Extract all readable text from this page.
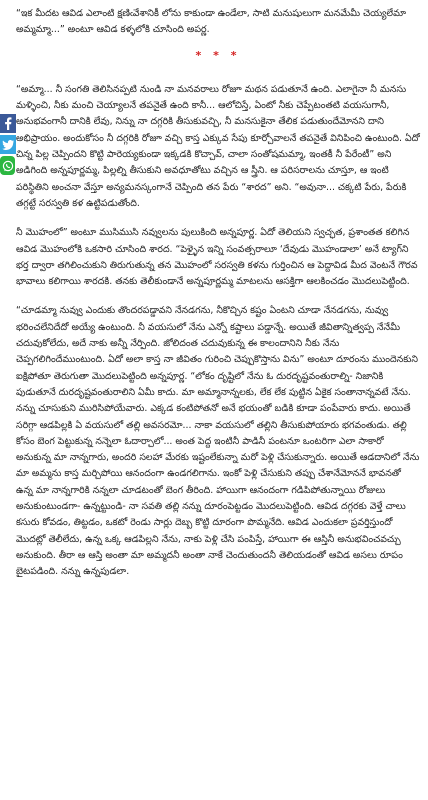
“ఇక మీదట ఆవిడ ఎలాంటి క్షణిఁవేశానికీ లోను కాకుండా ఉండేలా, సాటి మనుషులుగా మనమేమీ చెయ్యలేమా అమ్మమ్మా...” అంటూ ఆవిడ కళ్ళలోకి చూసింది అపర్ణ.

* * *

“అమ్మా... నీ సంగతి తెలిసినప్పటి నుండి నా మనవరాలు రోజూ మథన పడుతూనే ఉంది. ఎలాగైనా నీ మనసు మళ్ళించి, నీకు మంచి చెయ్యాలనే తపనైతే ఉంది కానీ... ఆలోచిస్తే, ఏంటో నీకు చెప్పేటంతటి వయసుగానీ, అనుభవంగానీ దానికి లేవు, నిన్ను నా దగ్గరికి తీసుకువచ్చి, నీ మనసుకైనా తేలిక పడుతుందేమోనని దాని అభిప్రాయం. అందుకోసం నీ దగ్గరికి రోజూ వచ్చి కాస్త ఎక్కువ సేపు కూర్చోవాలనే తపనైతే వినిపించి ఉంటుంది. ఏదో చిన్న పిల్ల చెప్పిందని కొట్టి పారెయ్యకుండా ఇక్కడకి కొచ్చావ్, చాలా సంతోషమమ్మా, ఇంతకీ నీ పేరేంటీ” అని అడిగింది అన్నపూర్ణమ్మ, పిల్లల్ని తీసుకుని అవధూతోటు వచ్చిన ఆ స్త్రీని. ఆ పరిసరాలను చూస్తూ, ఆ ఇంటి పరిస్థితిని అంచనా వేస్తూ అన్యమనస్కంగానే చెప్పింది తన పేరు “శారద” అని. “అవునా... చక్కటి పేరు, పేరుకి తగ్గట్టే సరస్వతి కళ ఉట్టిపడుతోంది.

నీ మొహంలో” అంటూ ముసిముసి నవ్వులను పులుకింది అన్నపూర్ణ. ఏదో తెలియని స్వచ్ఛత, ప్రశాంతత కలిగిన ఆవిడ మొహంలోకి ఒకసారి చూసింది శారద. “పెళ్ళైన ఇన్ని సంవత్సరాలూ ‘దేవుడు మొహండాలా’ అనే ట్యాగ్‌ని భర్త ద్వారా తగిలించుకుని తిరుగుతున్న తన మొహంలో సరస్వతి కళను గుర్తించిన ఆ పెద్దావిడ మీద వెంటనే గౌరవ భావాలు కలిగాయి శారదకి. తనకు తెలీకుండానే అన్నపూర్ణమ్మ మాటలను ఆసక్తిగా ఆలకించడం మొదలుపెట్టింది.

“చూడమ్మా నువ్వు ఎందుకు తొందరపడ్డావని నేనడగను, నీకొచ్చిన కష్టం ఏంటని చూడా నేనడగను, నువ్వు భరించలేనిదేదో అయ్యే ఉంటుంది. నీ వయసులో నేను ఎన్నో కష్టాలు పడ్డాన్నే. అయితే జీవితాన్నిత్వప్ప నేనేమీ చదువుకోలేదు, అదే నాకు అన్నీ నేర్పింది. జోలిదంత చదువుకున్న ఈ కాలందానిని నీకు నేను చెప్పగలిగిందేముంటుంది. ఏదో అలా కాస్త నా జీవితం గురించి చెప్పుకొస్తాను విను” అంటూ దూరంను ముందెనకుని ఐక్షిపోతూ తెరుగుతా మొదలుపెట్టింది అన్నపూర్ణ. “లోకం దృష్టిలో నేను ఓ దురదృష్టవంతురాల్ని- నిజానికి పుడుతూనే దురదృష్టవంతురాలిని ఏమీ కాదు. మా అమ్మానాన్నలకు, లేక లేక పుట్టిన ఏకైక సంతానాన్నవటే నేను. నన్ను చూసుకుని మురిసిపోయేవారు. ఎక్కడ కంటిపోతనో అనే భయంతో బడికి కూడా పంపేవారు కాదు. అయితే సరిగ్గా ఆడపిల్లకి ఏ వయసులో తల్లి అవసరమో... నాకా వయసులో తల్లిని తీసుకుపోయారు భగవంతుడు. తల్లి కోసం బెంగ పెట్టుకున్న నన్నెలా ఓదార్చాలో... అంత పెద్ద ఇంటినీ పాడినీ పంటనూ ఒంటరిగా ఎలా సాకారో అనుకున్న మా నాన్నగారు, అందరి సలహా మేరకు ఇష్టంలేకున్నా మరో పెళ్లి చేసుకున్నారు. అయితే ఆడదానిలో నేను మా అమ్మను కాస్త మర్చిపోయి ఆనందంగా ఉండగలిగాను. ఇంకో పెళ్లి చేసుకుని తప్పు చేశానేమోననే భావనతో ఉన్న మా నాన్నగారికి నన్నలా చూడటంతో బెంగ తీరింది. హాయిగా ఆనందంగా గడిపిపోతున్నాయి రోజులు అనుకుంటుండగా- ఉన్నట్టుండి- నా సవతి తల్లి నన్ను దూరంపెట్టడం మొదలుపెట్టింది. ఆవిడ దగ్గరకు వెళ్తే చాలు కసురు కోవడం, తిట్టడం, ఒకటో రెండు సార్లు దెబ్బ కొట్టి దూరంగా పొమ్మనేది. ఆవిడ ఎందుకలా ప్రవర్తిస్తుందో మొదట్లో తెలీలేదు, ఉన్న ఒక్క ఆడపిల్లని నేను, నాకు పెళ్లి చేసి పంపిస్తే, హాయిగా ఈ ఆస్తినీ అనుభవించవచ్చు అనుకుంది. తీరా ఆ ఆస్తి అంతా మా అమ్మదనీ అంతా నాకే చెందుతుందనీ తెలియడంతో ఆవిడ అసలు రూపం బైటపడింది. నన్ను ఉన్నపుడలా.
